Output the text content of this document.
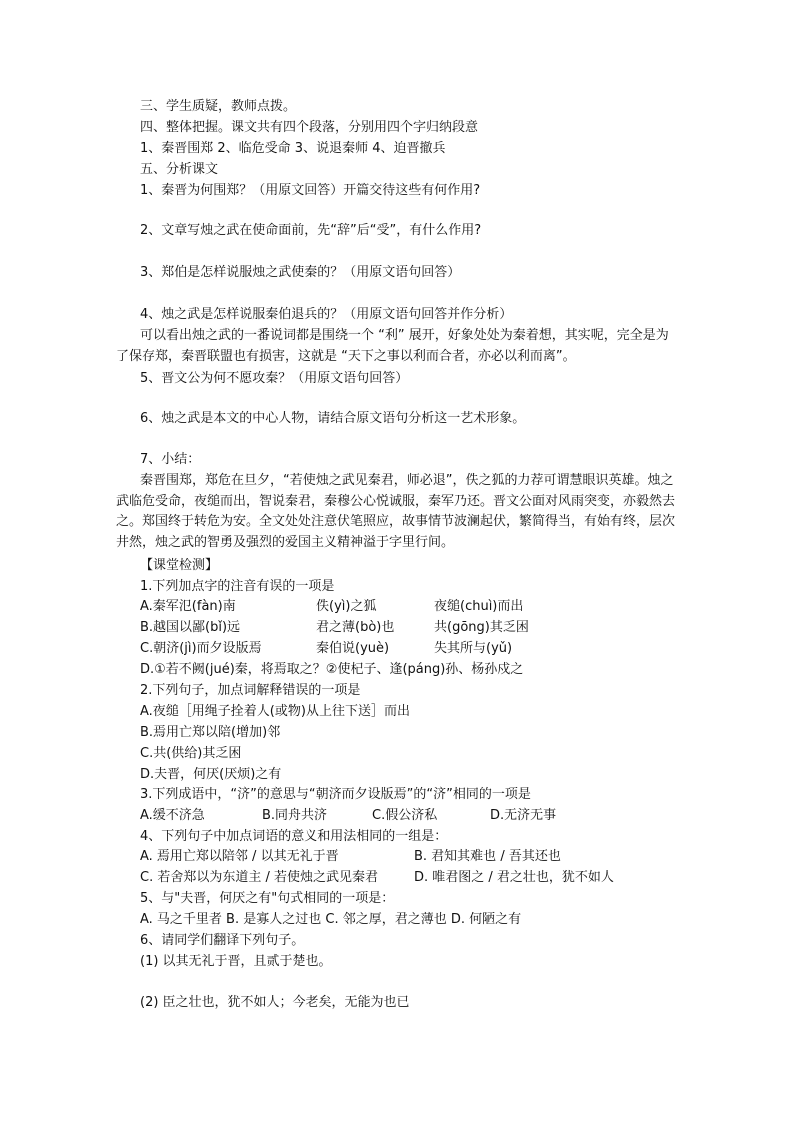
三、学生质疑，教师点拨。
四、整体把握。课文共有四个段落，分别用四个字归纳段意
1、秦晋围郑 2、临危受命 3、说退秦师 4、迫晋撤兵
五、分析课文
1、秦晋为何围郑？（用原文回答）开篇交待这些有何作用?
2、文章写烛之武在使命面前，先“辞”后“受”，有什么作用?
3、郑伯是怎样说服烛之武使秦的？（用原文语句回答）
4、烛之武是怎样说服秦伯退兵的？（用原文语句回答并作分析）
可以看出烛之武的一番说词都是围绕一个 “利” 展开，好象处处为秦着想，其实呢，完全是为了保存郑，秦晋联盟也有损害，这就是 “天下之事以利而合者，亦必以利而离”。
5、晋文公为何不愿攻秦？（用原文语句回答）
6、烛之武是本文的中心人物，请结合原文语句分析这一艺术形象。
7、小结：
秦晋围郑，郑危在旦夕，“若使烛之武见秦君，师必退”，佚之狐的力荐可谓慧眼识英雄。烛之武临危受命，夜缒而出，智说秦君，秦穆公心悦诚服，秦军乃还。晋文公面对风雨突变，亦毅然去之。郑国终于转危为安。全文处处注意伏笔照应，故事情节波澜起伏，繁简得当，有始有终，层次井然，烛之武的智勇及强烈的爱国主义精神溢于字里行间。
【课堂检测】
1.下列加点字的注音有误的一项是
A.秦军氾(fàn)南	佚(yì)之狐	夜缒(chuì)而出
B.越国以鄙(bǐ)远	君之薄(bò)也	共(gōng)其乏困
C.朝济(jì)而夕设版焉	秦伯说(yuè)	失其所与(yǔ)
D.①若不阙(jué)秦，将焉取之？②使杞子、逢(páng)孙、杨孙戍之
2.下列句子，加点词解释错误的一项是
A.夜缒［用绳子拴着人(或物)从上往下送］而出
B.焉用亡郑以陪(增加)邻
C.共(供给)其乏困
D.夫晋，何厌(厌烦)之有
3.下列成语中，“济”的意思与“朝济而夕设版焉”的“济”相同的一项是
A.缓不济急	B.同舟共济	C.假公济私	D.无济无事
4、下列句子中加点词语的意义和用法相同的一组是：
A. 焉用亡郑以陪邻 / 以其无礼于晋	B. 君知其难也 / 吾其还也
C. 若舍郑以为东道主 / 若使烛之武见秦君	D. 唯君图之 / 君之壮也，犹不如人
5、与"夫晋，何厌之有"句式相同的一项是：
A. 马之千里者 B. 是寡人之过也 C. 邻之厚，君之薄也 D. 何陋之有
6、请同学们翻译下列句子。
(1) 以其无礼于晋，且贰于楚也。
(2) 臣之壮也，犹不如人；今老矣，无能为也已
